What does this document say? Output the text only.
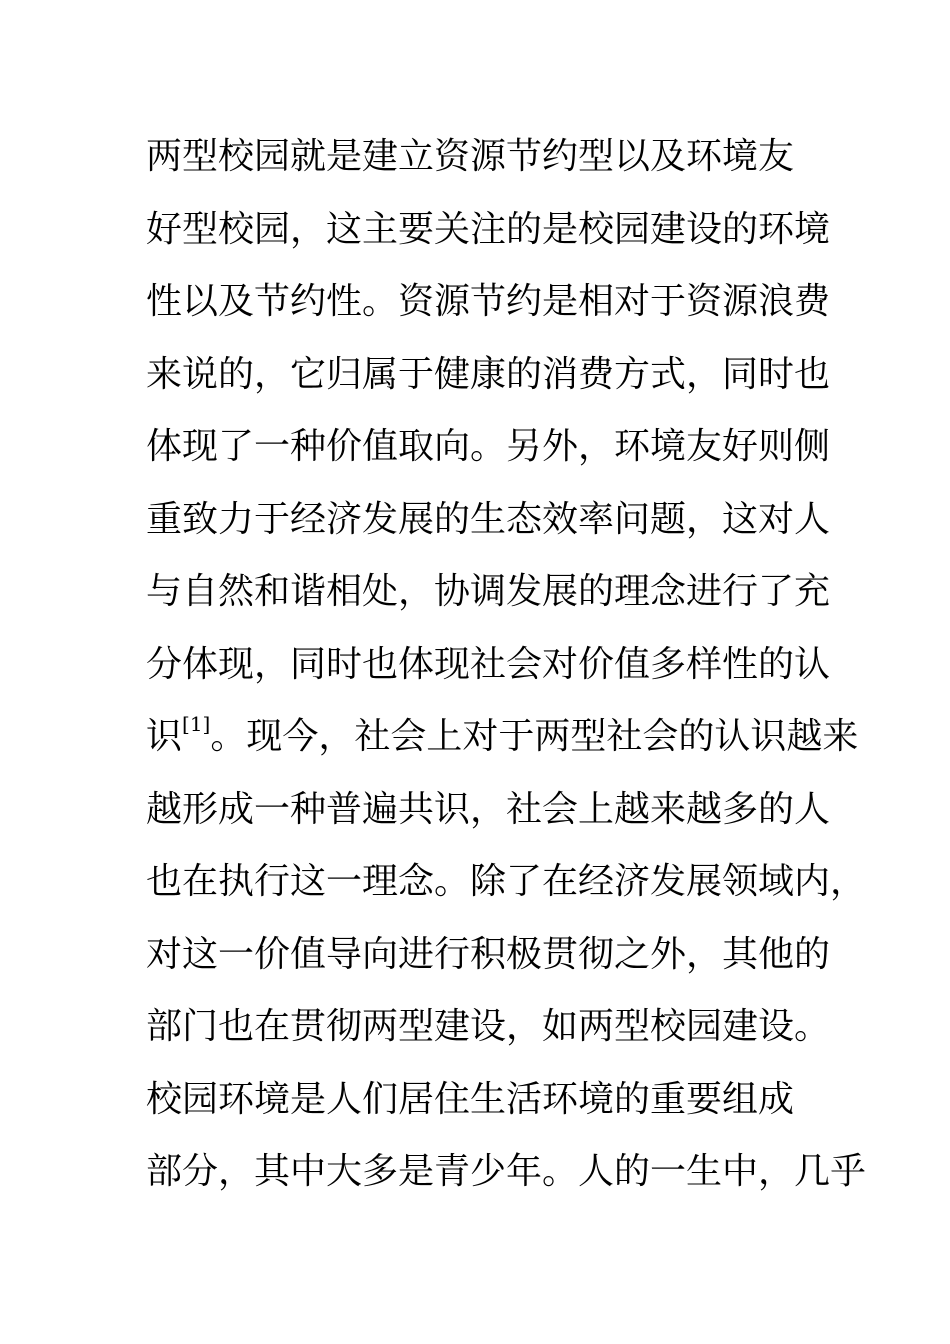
两型校园就是建立资源节约型以及环境友
好型校园，这主要关注的是校园建设的环境
性以及节约性。资源节约是相对于资源浪费
来说的，它归属于健康的消费方式，同时也
体现了一种价值取向。另外，环境友好则侧
重致力于经济发展的生态效率问题，这对人
与自然和谐相处，协调发展的理念进行了充
分体现，同时也体现社会对价值多样性的认
识[1]。现今，社会上对于两型社会的认识越来
越形成一种普遍共识，社会上越来越多的人
也在执行这一理念。除了在经济发展领域内，
对这一价值导向进行积极贯彻之外，其他的
部门也在贯彻两型建设，如两型校园建设。
校园环境是人们居住生活环境的重要组成
部分，其中大多是青少年。人的一生中，几乎
